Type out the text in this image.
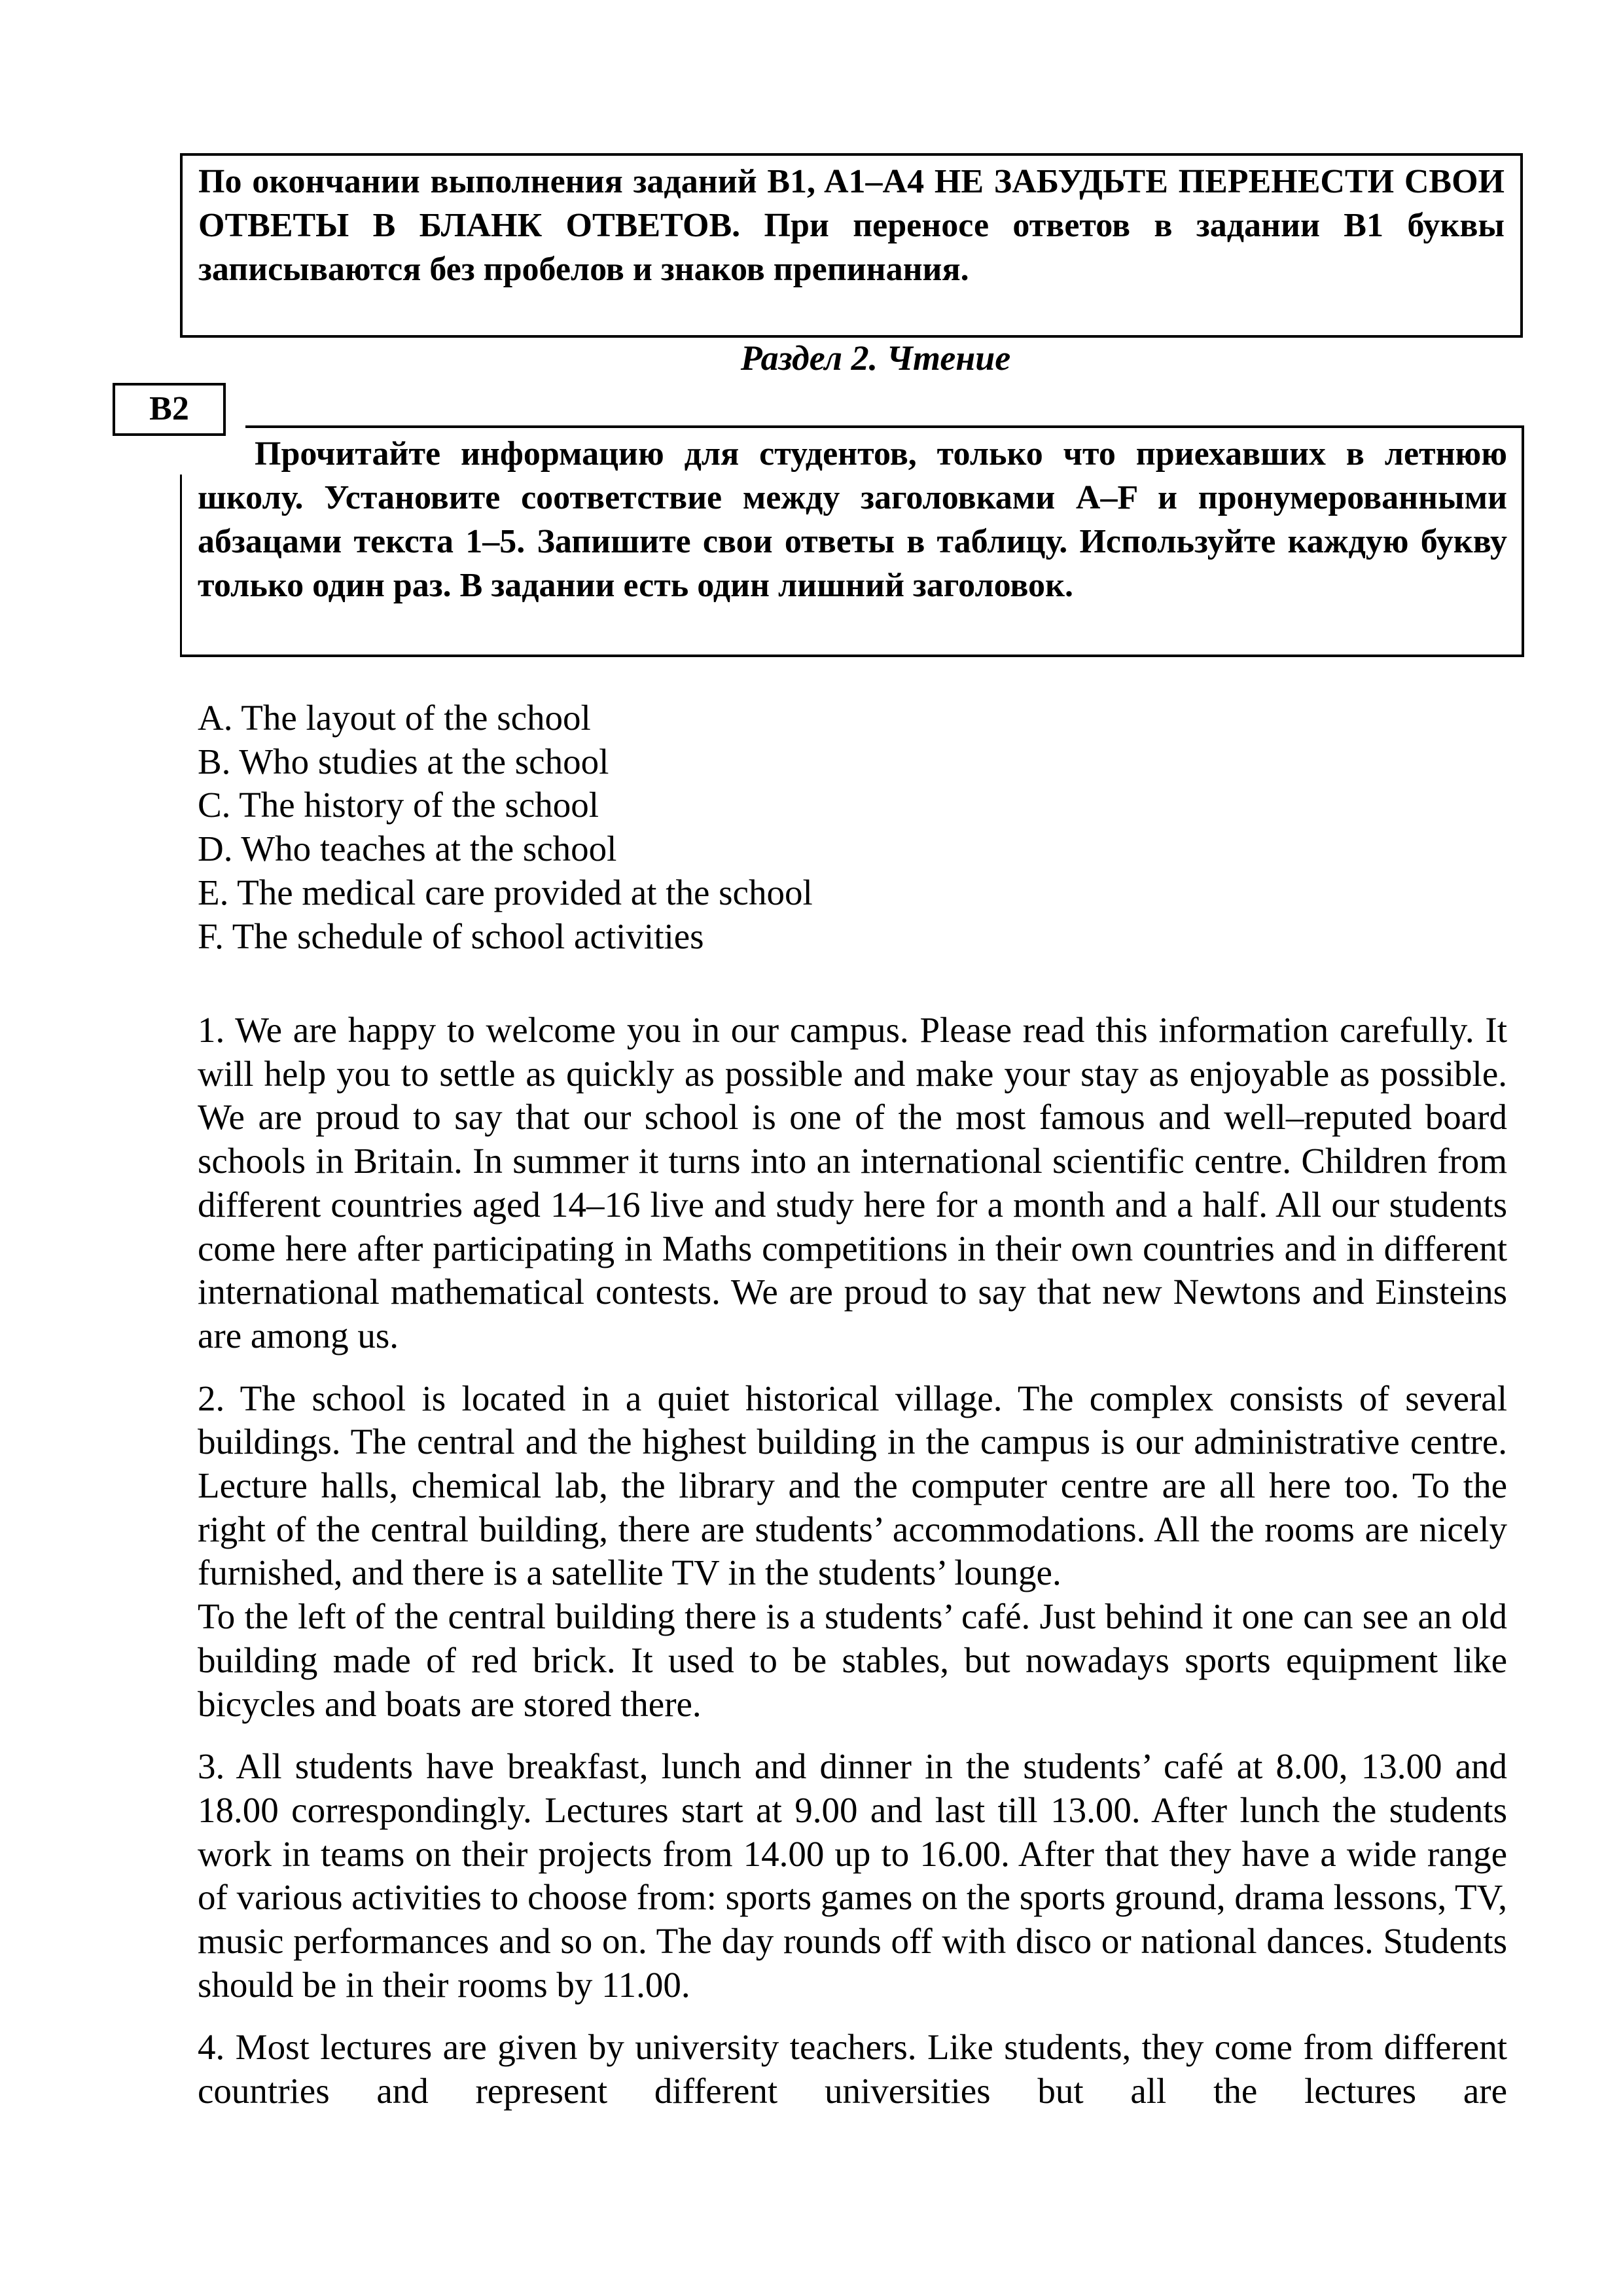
По окончании выполнения заданий B1, A1–A4 НЕ ЗАБУДЬТЕ ПЕРЕНЕСТИ СВОИ ОТВЕТЫ В БЛАНК ОТВЕТОВ. При переносе ответов в задании B1 буквы записываются без пробелов и знаков препинания.

Раздел 2. Чтение
B2

Прочитайте информацию для студентов, только что приехавших в летнюю школу. Установите соответствие между заголовками A–F и пронумерованными абзацами текста 1–5. Запишите свои ответы в таблицу. Используйте каждую букву только один раз. В задании есть один лишний заголовок.

A. The layout of the school
B. Who studies at the school
C. The history of the school
D. Who teaches at the school
E. The medical care provided at the school
F. The schedule of school activities

1. We are happy to welcome you in our campus. Please read this information carefully. It will help you to settle as quickly as possible and make your stay as enjoyable as possible. We are proud to say that our school is one of the most famous and well–reputed board schools in Britain. In summer it turns into an international scientific centre. Children from different countries aged 14–16 live and study here for a month and a half. All our students come here after participating in Maths competitions in their own countries and in different international mathematical contests. We are proud to say that new Newtons and Einsteins are among us.

2. The school is located in a quiet historical village. The complex consists of several buildings. The central and the highest building in the campus is our administrative centre. Lecture halls, chemical lab, the library and the computer centre are all here too. To the right of the central building, there are students’ accommodations. All the rooms are nicely furnished, and there is a satellite TV in the students’ lounge.

To the left of the central building there is a students’ café. Just behind it one can see an old building made of red brick. It used to be stables, but nowadays sports equipment like bicycles and boats are stored there.

3. All students have breakfast, lunch and dinner in the students’ café at 8.00, 13.00 and 18.00 correspondingly. Lectures start at 9.00 and last till 13.00. After lunch the students work in teams on their projects from 14.00 up to 16.00. After that they have a wide range of various activities to choose from: sports games on the sports ground, drama lessons, TV, music performances and so on. The day rounds off with disco or national dances. Students should be in their rooms by 11.00.

4. Most lectures are given by university teachers. Like students, they come from different countries and represent different universities but all the lectures are
